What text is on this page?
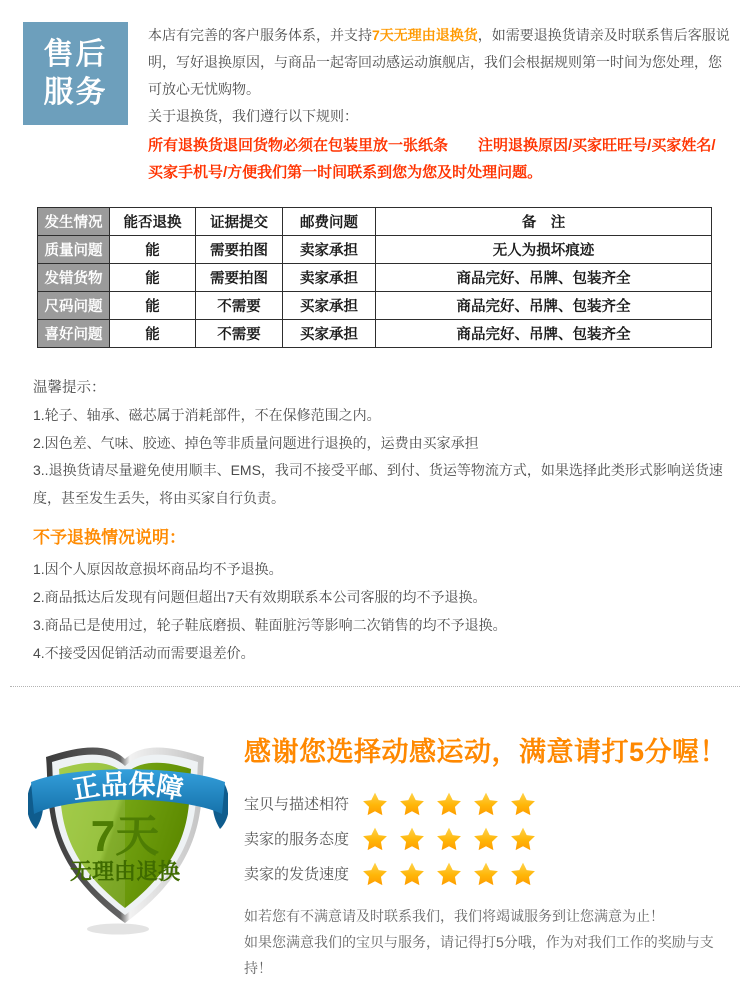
售后
服务

本店有完善的客户服务体系，并支持7天无理由退换货，如需要退换货请亲及时联系售后客服说明，写好退换原因，与商品一起寄回动感运动旗舰店，我们会根据规则第一时间为您处理，您可放心无忧购物。

关于退换货，我们遵行以下规则：

所有退换货退回货物必须在包装里放一张纸条　　注明退换原因/买家旺旺号/买家姓名/买家手机号/方便我们第一时间联系到您为您及时处理问题。

发生情况	能否退换	证据提交	邮费问题	备　注
质量问题	能	需要拍图	卖家承担	无人为损坏痕迹
发错货物	能	需要拍图	卖家承担	商品完好、吊牌、包装齐全
尺码问题	能	不需要	买家承担	商品完好、吊牌、包装齐全
喜好问题	能	不需要	买家承担	商品完好、吊牌、包装齐全

温馨提示：

1.轮子、轴承、磁芯属于消耗部件，不在保修范围之内。

2.因色差、气味、胶迹、掉色等非质量问题进行退换的，运费由买家承担

3..退换货请尽量避免使用顺丰、EMS，我司不接受平邮、到付、货运等物流方式，如果选择此类形式影响送货速度，甚至发生丢失，将由买家自行负责。

不予退换情况说明：

1.因个人原因故意损坏商品均不予退换。

2.商品抵达后发现有问题但超出7天有效期联系本公司客服的均不予退换。

3.商品已是使用过，轮子鞋底磨损、鞋面脏污等影响二次销售的均不予退换。

4.不接受因促销活动而需要退差价。

7天
无理由退换
正品保障

感谢您选择动感运动，满意请打5分喔！

宝贝与描述相符
卖家的服务态度
卖家的发货速度

如若您有不满意请及时联系我们，我们将竭诚服务到让您满意为止！

如果您满意我们的宝贝与服务，请记得打5分哦，作为对我们工作的奖励与支持！
